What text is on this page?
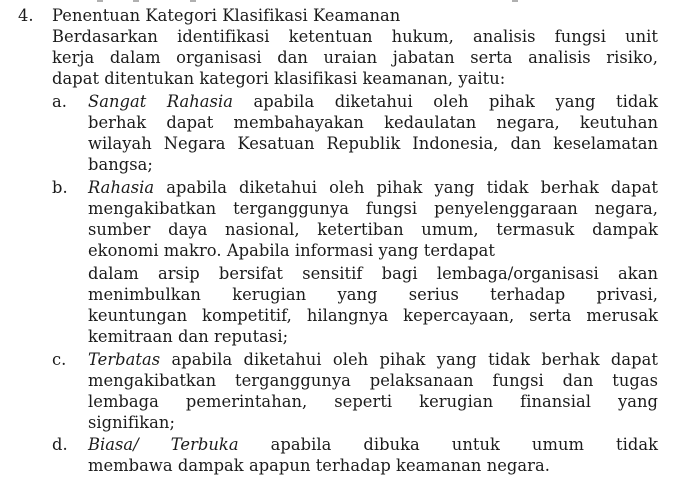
4. Penentuan Kategori Klasifikasi Keamanan

Berdasarkan identifikasi ketentuan hukum, analisis fungsi unit

kerja dalam organisasi dan uraian jabatan serta analisis risiko,

dapat ditentukan kategori klasifikasi keamanan, yaitu:

a. Sangat Rahasia apabila diketahui oleh pihak yang tidak

berhak dapat membahayakan kedaulatan negara, keutuhan

wilayah Negara Kesatuan Republik Indonesia, dan keselamatan

bangsa;

b. Rahasia apabila diketahui oleh pihak yang tidak berhak dapat

mengakibatkan terganggunya fungsi penyelenggaraan negara,

sumber daya nasional, ketertiban umum, termasuk dampak

ekonomi makro. Apabila informasi yang terdapat

dalam arsip bersifat sensitif bagi lembaga/organisasi akan

menimbulkan kerugian yang serius terhadap privasi,

keuntungan kompetitif, hilangnya kepercayaan, serta merusak

kemitraan dan reputasi;

c. Terbatas apabila diketahui oleh pihak yang tidak berhak dapat

mengakibatkan terganggunya pelaksanaan fungsi dan tugas

lembaga pemerintahan, seperti kerugian finansial yang

signifikan;

d. Biasa/ Terbuka apabila dibuka untuk umum tidak

membawa dampak apapun terhadap keamanan negara.
